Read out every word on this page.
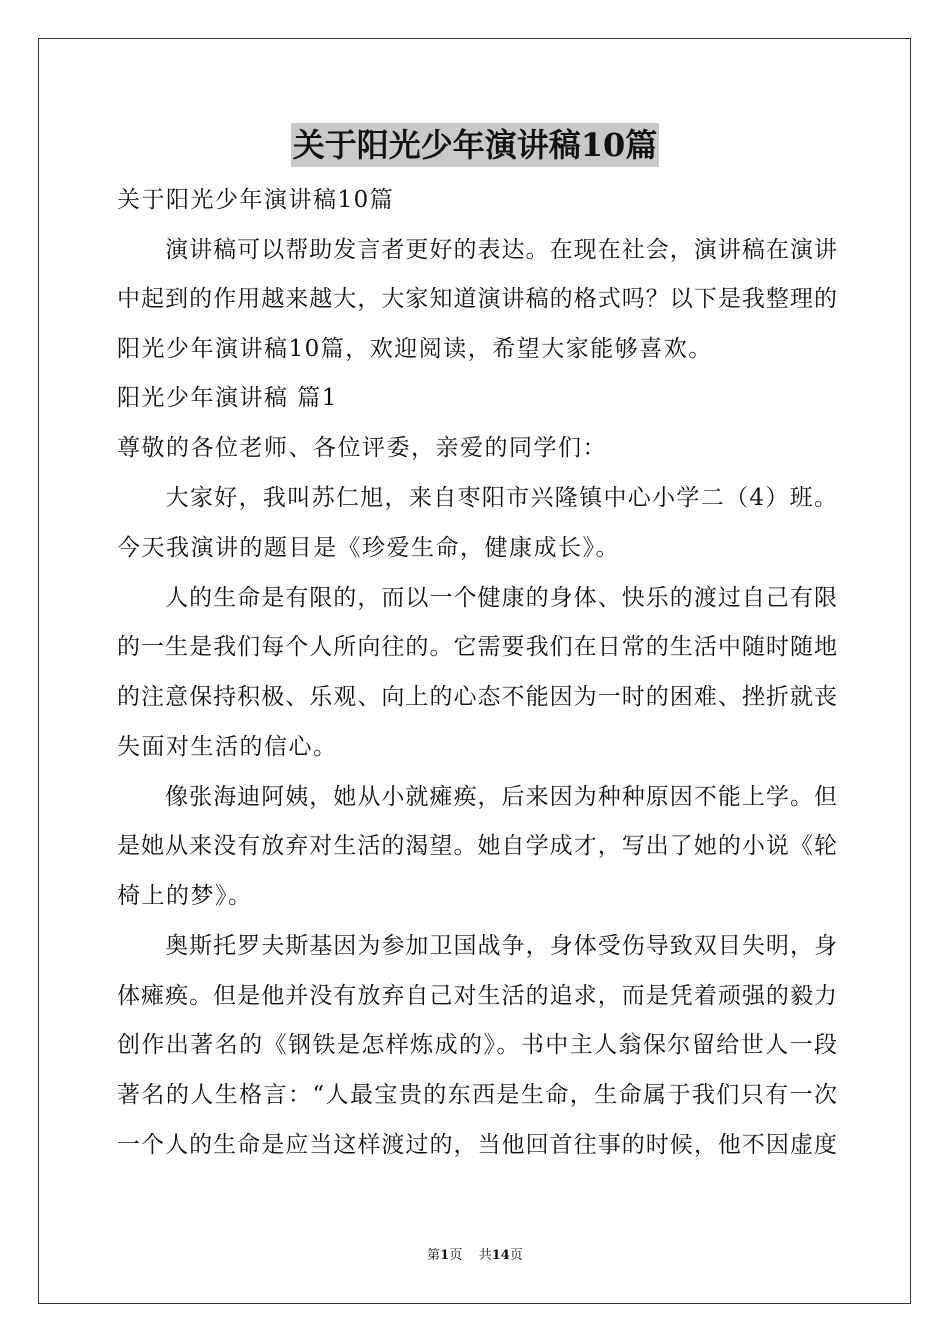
关于阳光少年演讲稿10篇
关于阳光少年演讲稿10篇
　　演讲稿可以帮助发言者更好的表达。在现在社会，演讲稿在演讲
中起到的作用越来越大，大家知道演讲稿的格式吗？以下是我整理的
阳光少年演讲稿10篇，欢迎阅读，希望大家能够喜欢。
阳光少年演讲稿 篇1
尊敬的各位老师、各位评委，亲爱的同学们：
　　大家好，我叫苏仁旭，来自枣阳市兴隆镇中心小学二（4）班。
今天我演讲的题目是《珍爱生命，健康成长》。
　　人的生命是有限的，而以一个健康的身体、快乐的渡过自己有限
的一生是我们每个人所向往的。它需要我们在日常的生活中随时随地
的注意保持积极、乐观、向上的心态不能因为一时的困难、挫折就丧
失面对生活的信心。
　　像张海迪阿姨，她从小就瘫痪，后来因为种种原因不能上学。但
是她从来没有放弃对生活的渴望。她自学成才，写出了她的小说《轮
椅上的梦》。
　　奥斯托罗夫斯基因为参加卫国战争，身体受伤导致双目失明，身
体瘫痪。但是他并没有放弃自己对生活的追求，而是凭着顽强的毅力
创作出著名的《钢铁是怎样炼成的》。书中主人翁保尔留给世人一段
著名的人生格言：“人最宝贵的东西是生命，生命属于我们只有一次
一个人的生命是应当这样渡过的，当他回首往事的时候，他不因虚度
第1页 共14页
